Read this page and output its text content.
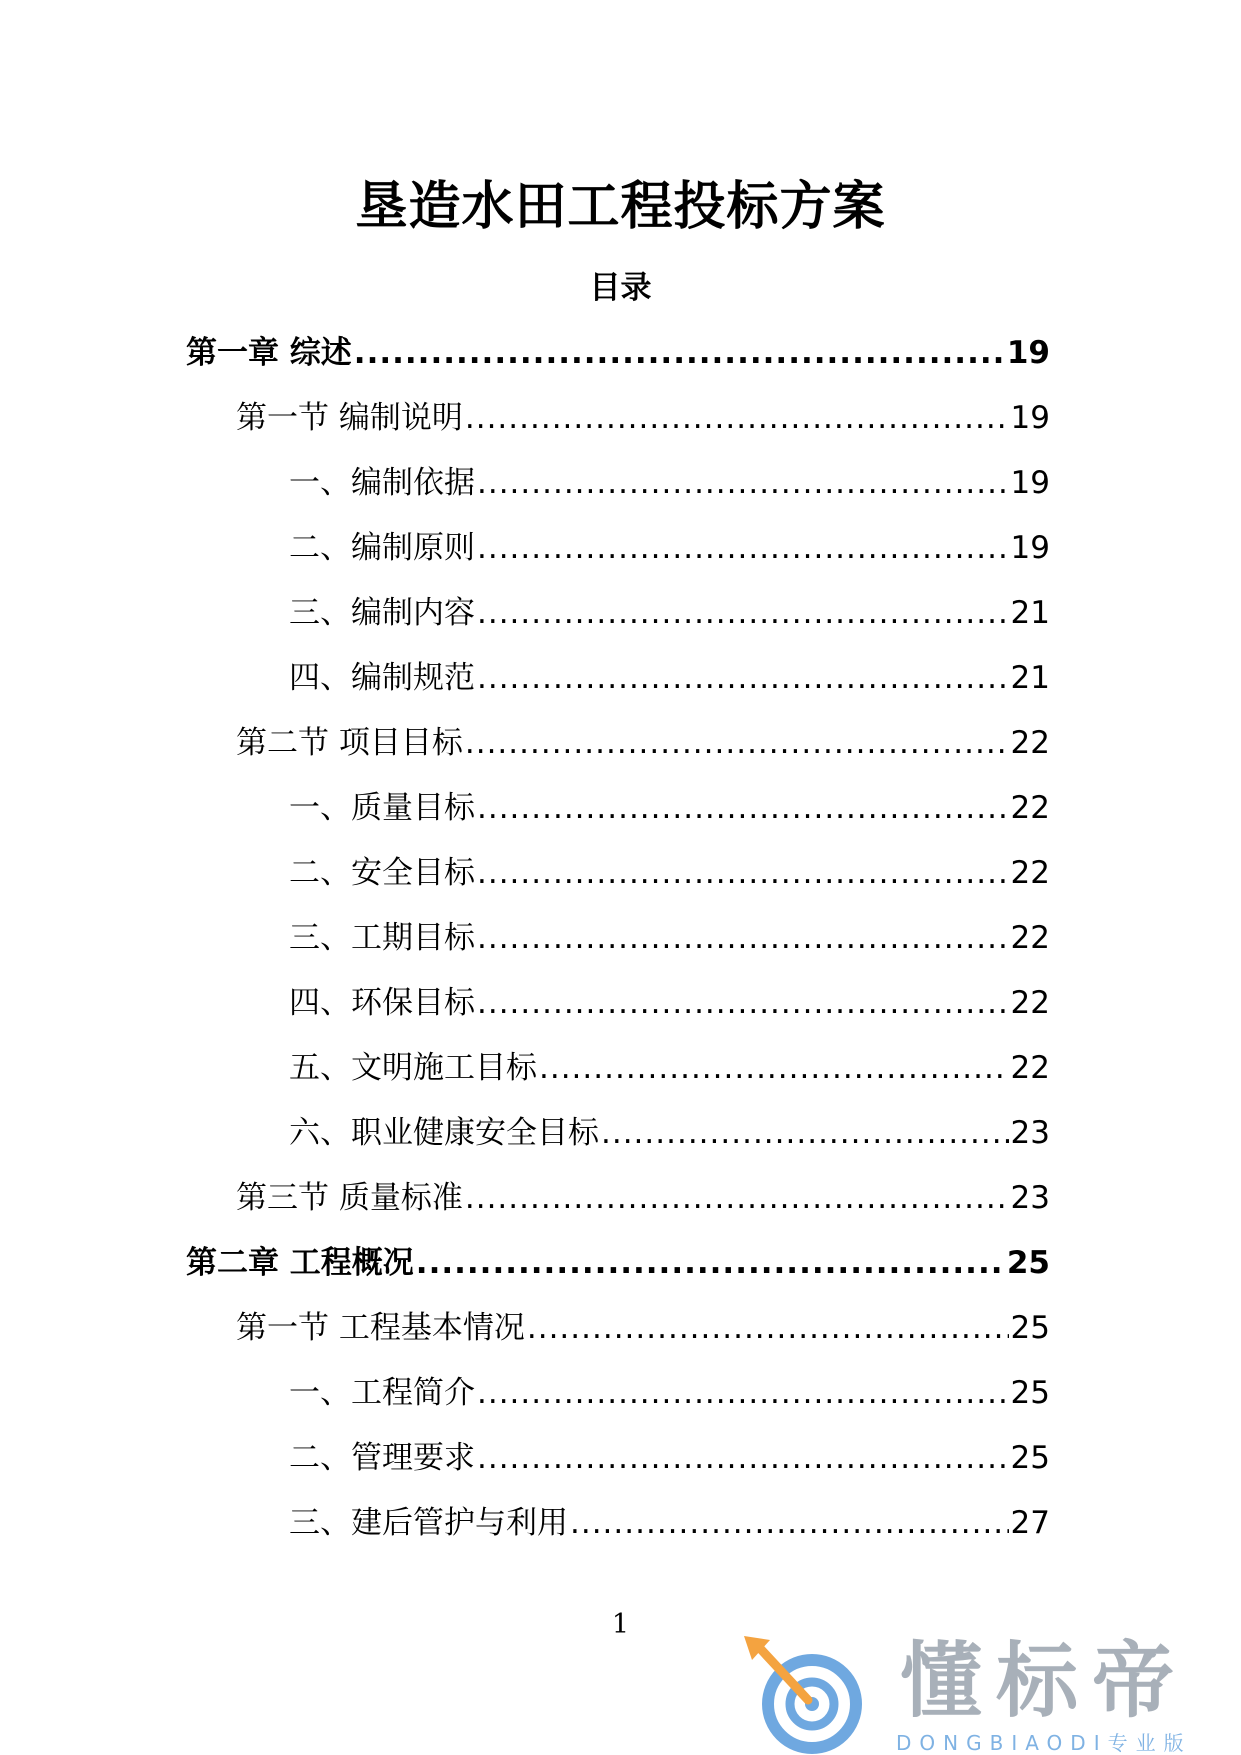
垦造水田工程投标方案
目录
第一章 综述 .....	19
第一节 编制说明 .....	19
一、编制依据 .....	19
二、编制原则 .....	19
三、编制内容 .....	21
四、编制规范 .....	21
第二节 项目目标 .....	22
一、质量目标 .....	22
二、安全目标 .....	22
三、工期目标 .....	22
四、环保目标 .....	22
五、文明施工目标 .....	22
六、职业健康安全目标 .....	23
第三节 质量标准 .....	23
第二章 工程概况 .....	25
第一节 工程基本情况 .....	25
一、工程简介 .....	25
二、管理要求 .....	25
三、建后管护与利用 .....	27
1
懂标帝
DONGBIAODI专业版
